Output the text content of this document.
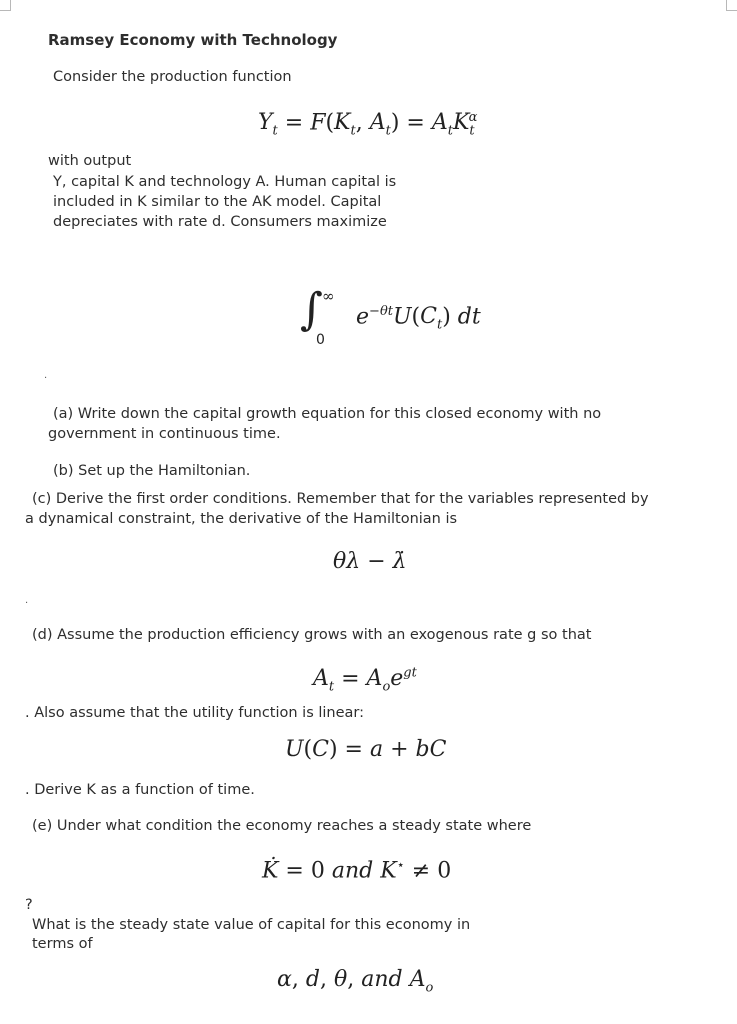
Ramsey Economy with Technology

Consider the production function

$Y_t = F(K_t$, $A_t) = A_tK_t^\alpha$

with output

Y, capital K and technology A. Human capital is

included in K similar to the AK model. Capital

depreciates with rate d. Consumers maximize

∫ ∞
0
$e^{-\theta t}U(C_t)$ dt
.

(a) Write down the capital growth equation for this closed economy with no

government in continuous time.

(b) Set up the Hamiltonian.

(c) Derive the first order conditions. Remember that for the variables represented by

a dynamical constraint, the derivative of the Hamiltonian is

θλ − λ̇
.

(d) Assume the production efficiency grows with an exogenous rate g so that

$A_t = A_oe^{gt}$

. Also assume that the utility function is linear:

U(C) = a + bC

. Derive K as a function of time.

(e) Under what condition the economy reaches a steady state where

K̇ = 0 and K⋆ ≠ 0

?

What is the steady state value of capital for this economy in

terms of

α, d, θ, and $A_o$
